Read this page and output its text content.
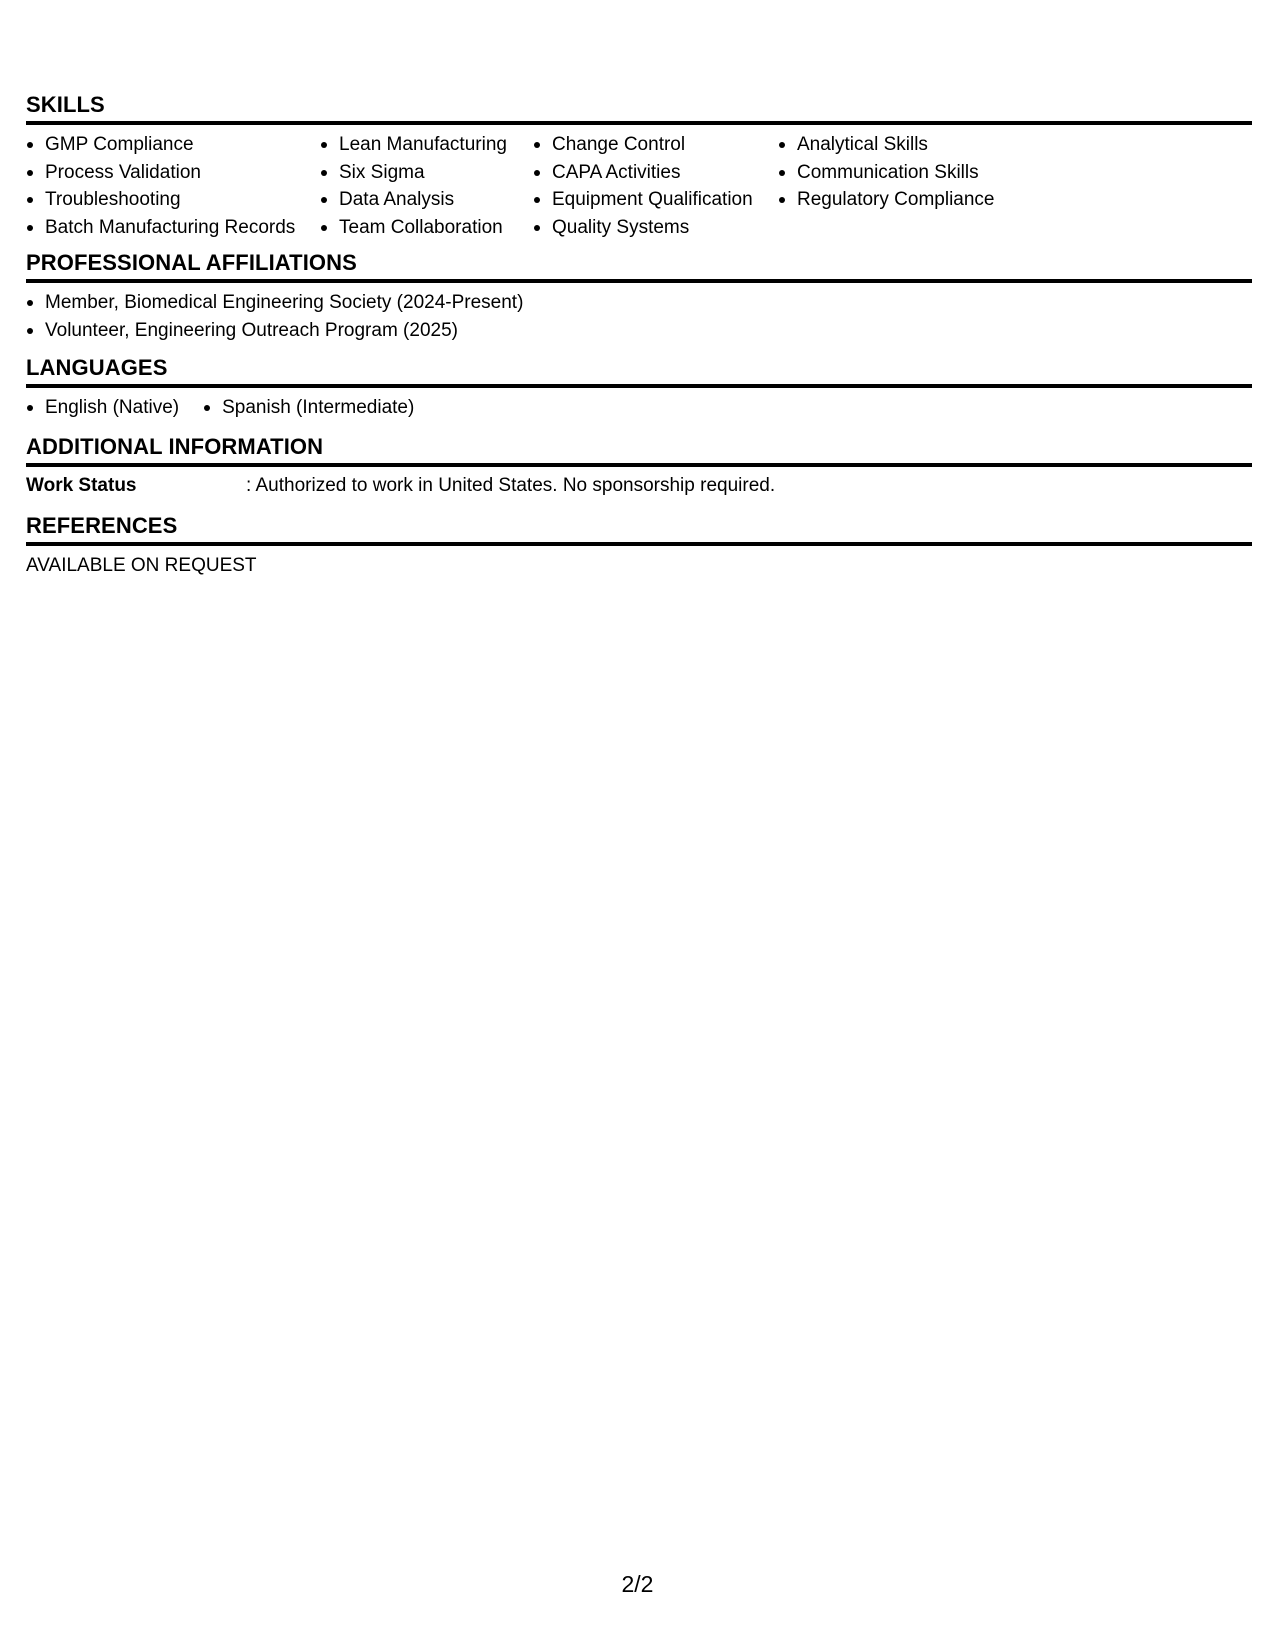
SKILLS
GMP Compliance
Process Validation
Troubleshooting
Batch Manufacturing Records
Lean Manufacturing
Six Sigma
Data Analysis
Team Collaboration
Change Control
CAPA Activities
Equipment Qualification
Quality Systems
Analytical Skills
Communication Skills
Regulatory Compliance
PROFESSIONAL AFFILIATIONS
Member, Biomedical Engineering Society (2024-Present)
Volunteer, Engineering Outreach Program (2025)
LANGUAGES
English (Native)	Spanish (Intermediate)
ADDITIONAL INFORMATION
Work Status	: Authorized to work in United States. No sponsorship required.
REFERENCES
AVAILABLE ON REQUEST
2/2
